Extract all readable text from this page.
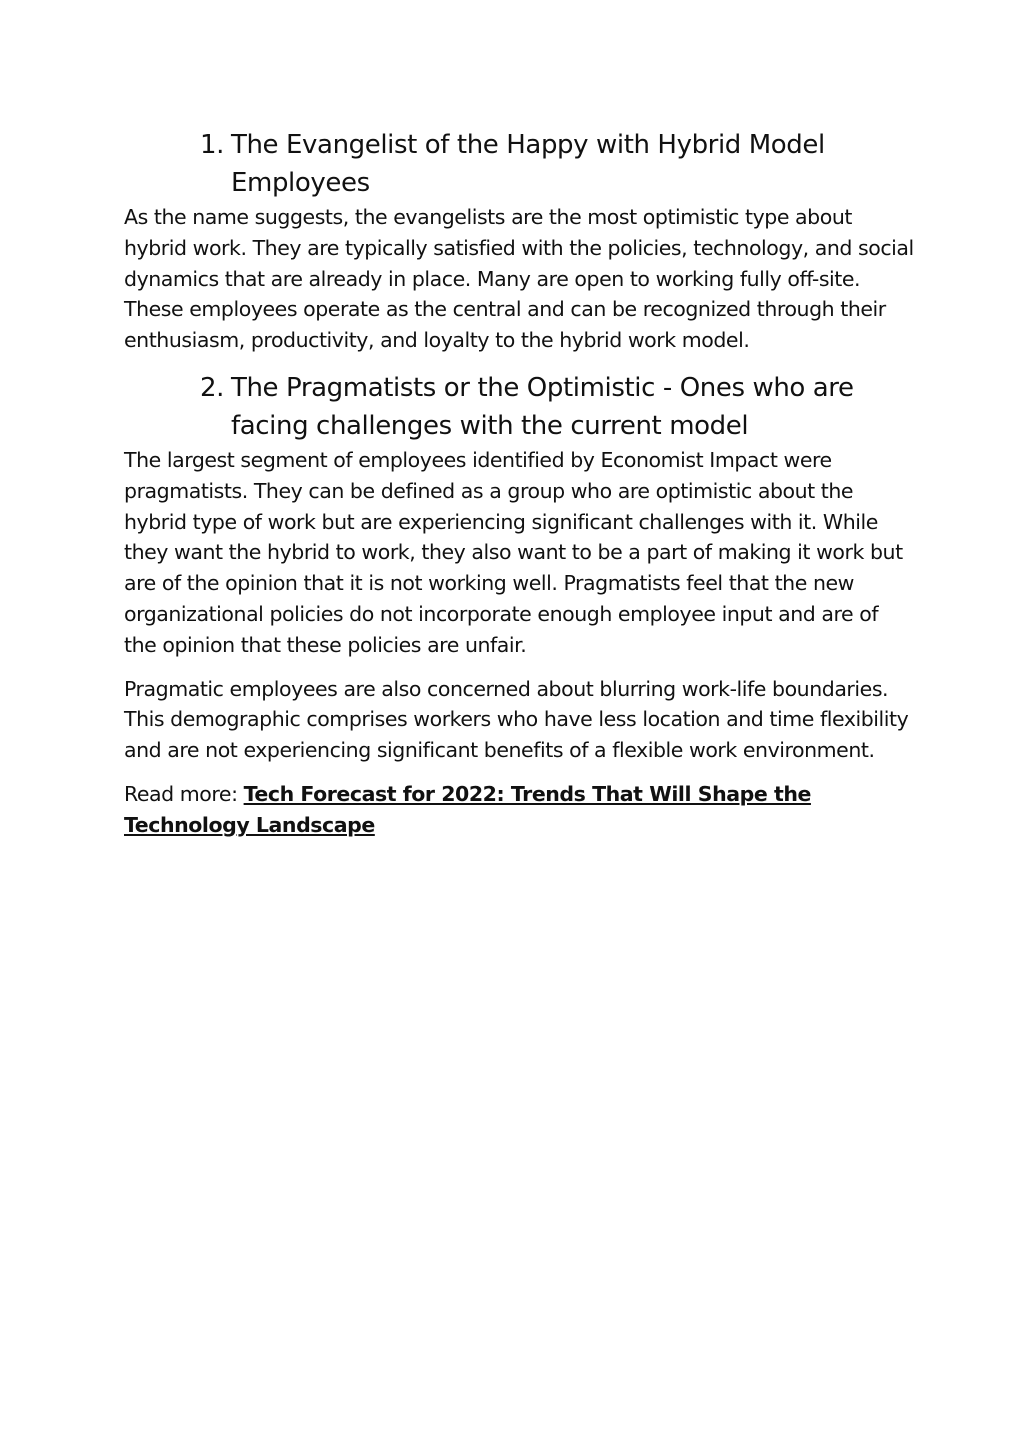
1. The Evangelist of the Happy with Hybrid Model Employees

As the name suggests, the evangelists are the most optimistic type about hybrid work. They are typically satisfied with the policies, technology, and social dynamics that are already in place. Many are open to working fully off-site. These employees operate as the central and can be recognized through their enthusiasm, productivity, and loyalty to the hybrid work model.

2. The Pragmatists or the Optimistic - Ones who are facing challenges with the current model

The largest segment of employees identified by Economist Impact were pragmatists. They can be defined as a group who are optimistic about the hybrid type of work but are experiencing significant challenges with it. While they want the hybrid to work, they also want to be a part of making it work but are of the opinion that it is not working well. Pragmatists feel that the new organizational policies do not incorporate enough employee input and are of the opinion that these policies are unfair.

Pragmatic employees are also concerned about blurring work-life boundaries. This demographic comprises workers who have less location and time flexibility and are not experiencing significant benefits of a flexible work environment.

Read more: Tech Forecast for 2022: Trends That Will Shape the Technology Landscape
